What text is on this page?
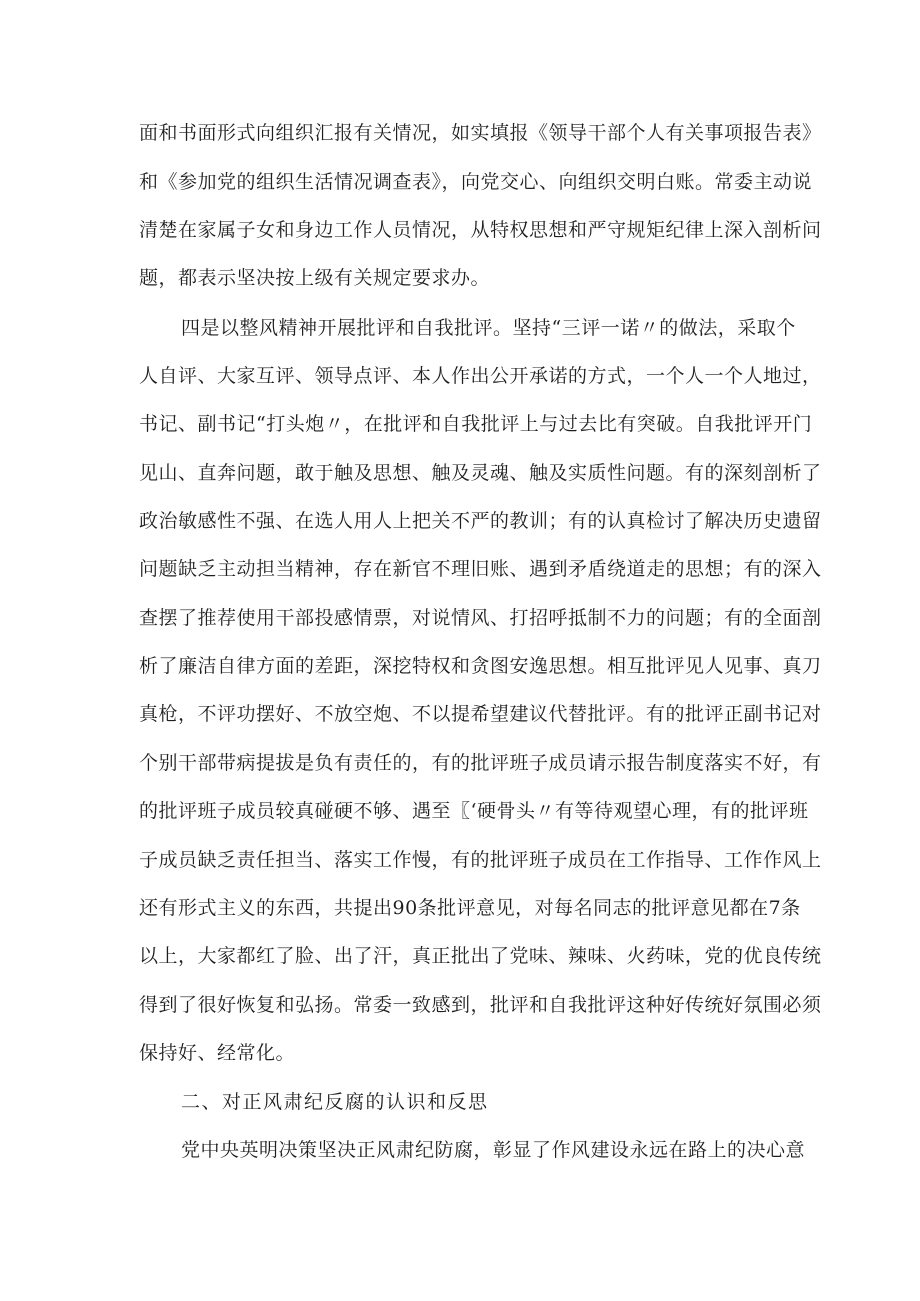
面和书面形式向组织汇报有关情况，如实填报《领导干部个人有关事项报告表》
和《参加党的组织生活情况调查表》，向党交心、向组织交明白账。常委主动说
清楚在家属子女和身边工作人员情况，从特权思想和严守规矩纪律上深入剖析问
题，都表示坚决按上级有关规定要求办。
四是以整风精神开展批评和自我批评。坚持“三评一诺〃的做法，采取个
人自评、大家互评、领导点评、本人作出公开承诺的方式，一个人一个人地过，
书记、副书记“打头炮〃，在批评和自我批评上与过去比有突破。自我批评开门
见山、直奔问题，敢于触及思想、触及灵魂、触及实质性问题。有的深刻剖析了
政治敏感性不强、在选人用人上把关不严的教训；有的认真检讨了解决历史遗留
问题缺乏主动担当精神，存在新官不理旧账、遇到矛盾绕道走的思想；有的深入
查摆了推荐使用干部投感情票，对说情风、打招呼抵制不力的问题；有的全面剖
析了廉洁自律方面的差距，深挖特权和贪图安逸思想。相互批评见人见事、真刀
真枪，不评功摆好、不放空炮、不以提希望建议代替批评。有的批评正副书记对
个别干部带病提拔是负有责任的，有的批评班子成员请示报告制度落实不好，有
的批评班子成员较真碰硬不够、遇至〖‘硬骨头〃有等待观望心理，有的批评班
子成员缺乏责任担当、落实工作慢，有的批评班子成员在工作指导、工作作风上
还有形式主义的东西，共提出90条批评意见，对每名同志的批评意见都在7条
以上，大家都红了脸、出了汗，真正批出了党味、辣味、火药味，党的优良传统
得到了很好恢复和弘扬。常委一致感到，批评和自我批评这种好传统好氛围必须
保持好、经常化。
二、对正风肃纪反腐的认识和反思
党中央英明决策坚决正风肃纪防腐，彰显了作风建设永远在路上的决心意
